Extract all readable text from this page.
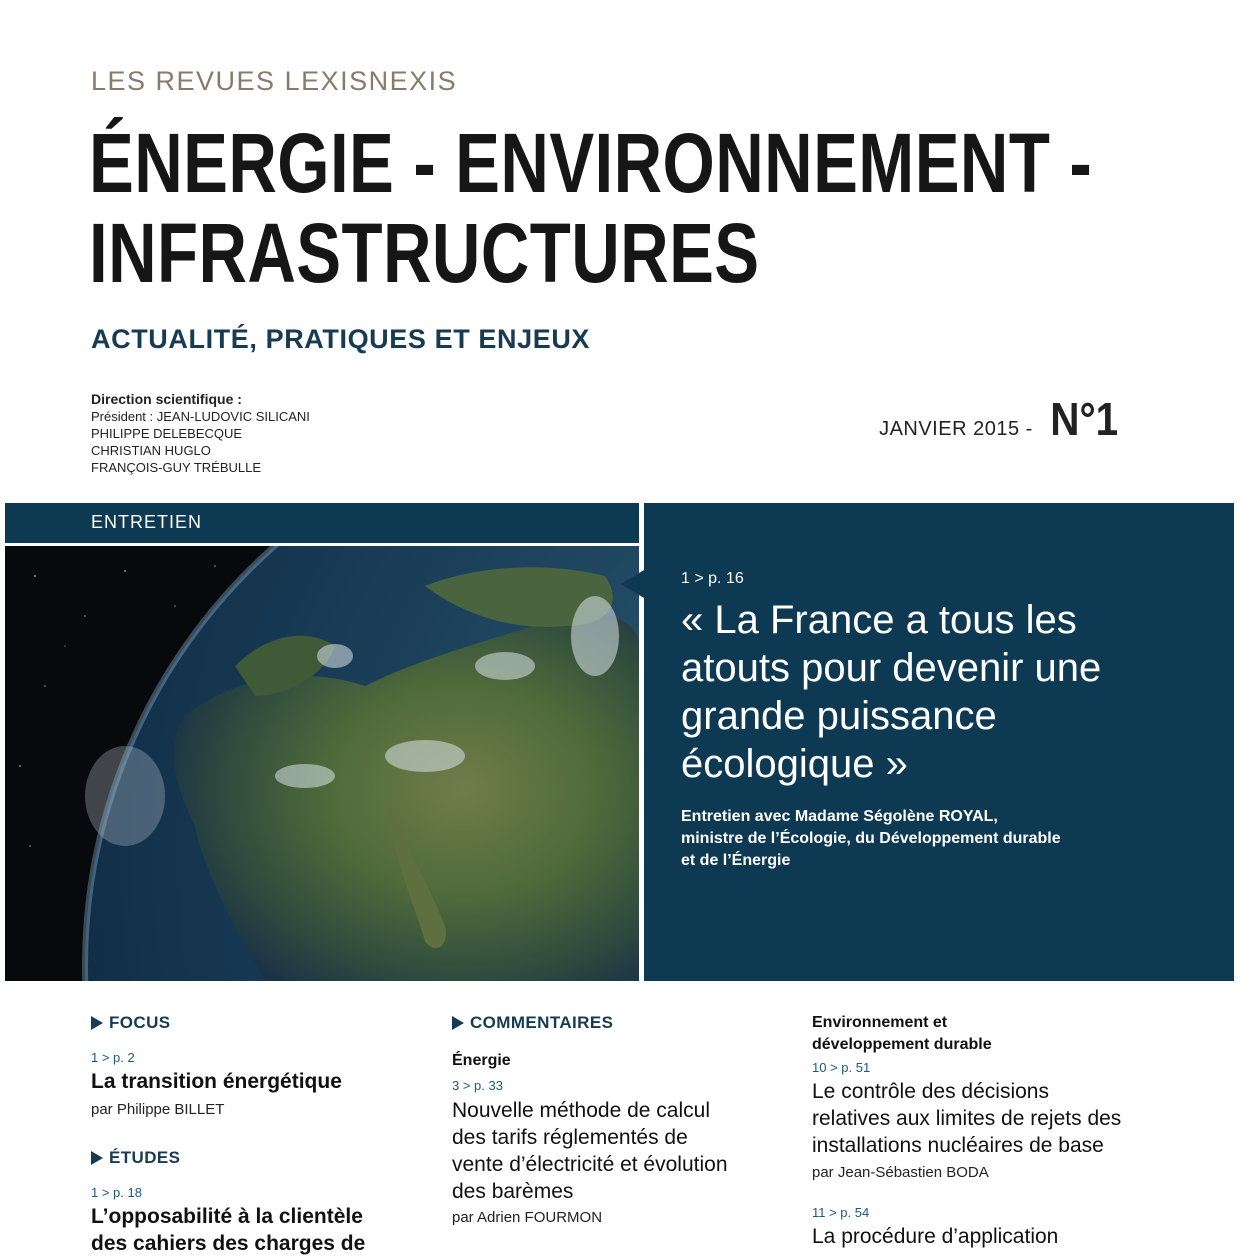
LES REVUES LEXISNEXIS
ÉNERGIE - ENVIRONNEMENT -
INFRASTRUCTURES
ACTUALITÉ, PRATIQUES ET ENJEUX
Direction scientifique :
Président : JEAN-LUDOVIC SILICANI
PHILIPPE DELEBECQUE
CHRISTIAN HUGLO
FRANÇOIS-GUY TRÉBULLE
JANVIER 2015 - N°1
ENTRETIEN
1 > p. 16
« La France a tous les atouts pour devenir une grande puissance écologique »
Entretien avec Madame Ségolène ROYAL,
ministre de l’Écologie, du Développement durable
et de l’Énergie
FOCUS
1 > p. 2
La transition énergétique
par Philippe BILLET
ÉTUDES
1 > p. 18
L’opposabilité à la clientèle
des cahiers des charges de
COMMENTAIRES
Énergie
3 > p. 33
Nouvelle méthode de calcul
des tarifs réglementés de
vente d’électricité et évolution
des barèmes
par Adrien FOURMON
Environnement et
développement durable
10 > p. 51
Le contrôle des décisions
relatives aux limites de rejets des
installations nucléaires de base
par Jean-Sébastien BODA
11 > p. 54
La procédure d’application
